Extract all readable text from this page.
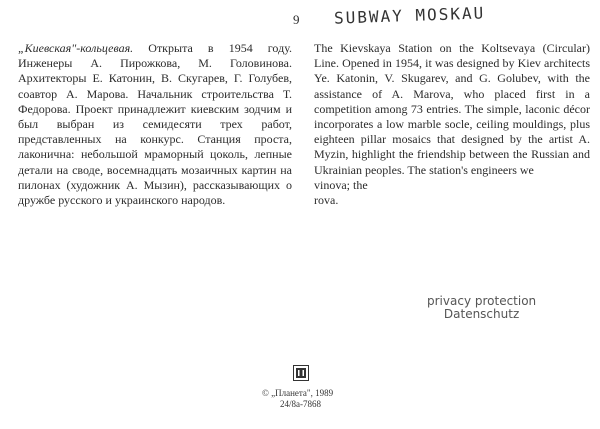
9 SUBWAY MOSKAU

„Киевская"-кольцевая. Открыта в 1954 году. Инженеры А. Пирожкова, М. Головинова. Архитекторы Е. Катонин, В. Скугарев, Г. Голубев, соавтор А. Марова. Начальник строительства Т. Федорова. Проект принадлежит киевским зодчим и был выбран из семидесяти трех работ, представленных на конкурс. Станция проста, лаконична: небольшой мраморный цоколь, лепные детали на своде, восемнадцать мозаичных картин на пилонах (художник А. Мызин), рассказывающих о дружбе русского и украинского народов.

The Kievskaya Station on the Koltsevaya (Circular) Line. Opened in 1954, it was designed by Kiev architects Ye. Katonin, V. Skugarev, and G. Golubev, with the assistance of A. Marova, who placed first in a competition among 73 entries. The simple, laconic décor incorporates a low marble socle, ceiling mouldings, plus eighteen pillar mosaics that designed by the artist A. Myzin, highlight the friendship between the Russian and Ukrainian peoples. The station's engineers we

vinova; the
rova.
privacy protection
Datenschutz
© „Планета", 1989
24/8a-7868
